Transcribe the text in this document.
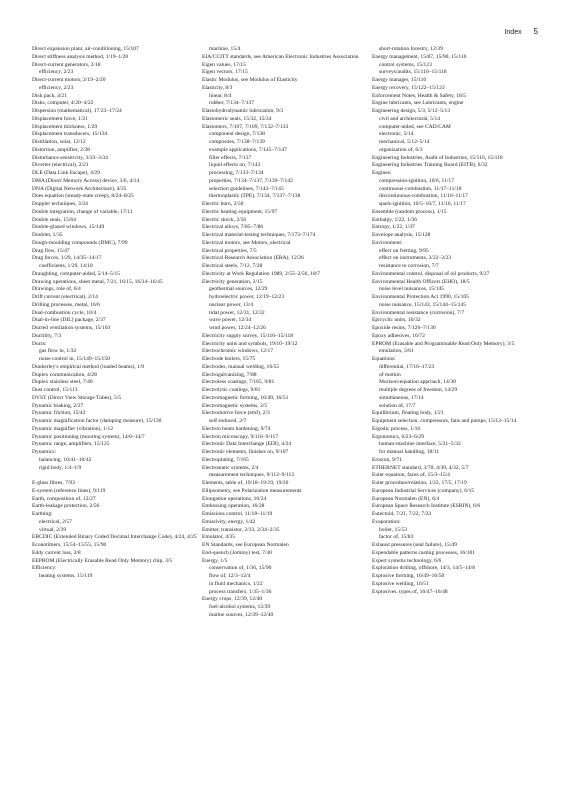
Index 5
Direct expansion plant, air-conditioning, 15/107
Direct stiffness analysis method, 1/19–1/20
Direct-current generators, 2/18
efficiency, 2/23
Direct-current motors, 2/19–2/20
efficiency, 2/23
Disk pack, 4/21
Disks, computer, 4/20–4/22
Dispersion (mathematical), 17/23–17/24
Displacement force, 1/21
Displacement thickness, 1/29
Displacement transducers, 15/134
Distillation, solar, 12/12
Distortion, amplifier, 2/38
Disturbance sensitivity, 3/33–3/34
Diverter (electrical), 2/21
DLE (Data Link Escape), 4/29
DMA (Direct Memory Access) device, 3/6, 4/14
DNA (Digital Network Architecture), 4/35
Does equation (steady-state creep), 8/24–8/25
Doppler techniques, 3/34
Double integration, change of variable, 17/11
Double seals, 15/64
Double-glazed windows, 15/149
Doublet, 1/35
Dough-moulding compounds (DMC), 7/99
Drag flow, 15/47
Drag forces, 1/29, 14/35–14/17
coefficients, 1/29, 14/18
Draughting, computer-aided, 5/14–5/15
Drawing operations, sheet metal, 7/21, 16/15, 16/34–16/45
Drawings, role of, 6/4
Drift current (electrical), 2/14
Drilling processes, metal, 16/6
Dual-combustion cycle, 10/4
Dual-in-line (DIL) package, 2/37
Ducted ventilation systems, 15/103
Ductility, 7/3
Ducts:
gas flow in, 1/32
noise control in, 15/149–15/150
Dunkerley's empirical method (loaded beams), 1/9
Duplex communication, 4/28
Duplex stainless steel, 7/40
Dust control, 15/113
DVST (Direct View Storage Tubes), 5/5
Dynamic braking, 2/27
Dynamic friction, 15/43
Dynamic magnification factor (damping measure), 15/130
Dynamic magnifier (vibration), 1/12
Dynamic positioning (mooring system), 14/6–14/7
Dynamic range, amplifiers, 15/135
Dynamics:
balancing, 10/41–10/42
rigid body, 1/4–1/9
E-glass fibres, 7/93
E-system (reference lines), 9/119
Earth, composition of, 12/27
Earth-leakage protection, 2/56
Earthing:
electrical, 2/57
virtual, 2/39
EBCDIC (Extended Binary Coded Decimal Interchange Code), 4/24, 4/25
Econotimers, 15/54–15/55, 15/90
Eddy current loss, 2/8
EEPROM (Electrically Erasable Read Only Memory) chip, 3/5
Efficiency:
heating systems, 15/119
machine, 15/4
EIA/CCITT standards, see American Electronic Industries Association
Eigen values, 17/15
Eigen vectors, 17/15
Elastic Modulus, see Modulus of Elasticity
Elasticity, 8/3
linear, 8/4
rubber, 7/134–7/137
Elastohydrodynamic lubrication, 9/3
Elastomeric seals, 15/32, 15/34
Elastomers, 7/107, 7/109, 7/132–7/133
component design, 7/138
composites, 7/138–7/139
example applications, 7/145–7/147
filler effects, 7/137
liquid effects on, 7/143
processing, 7/133–7/134
properties, 7/134–7/137, 7/139–7/143
selection guidelines, 7/143–7/145
thermoplastic (TPE), 7/134, 7/137–7/138
Electric burn, 2/56
Electric heating equipment, 15/97
Electric shock, 2/56
Electrical alloys, 7/85–7/86
Electrical material-testing techniques, 7/173–7/174
Electrical motors, see Motors, electrical
Electrical properties, 7/5
Electrical Research Association (ERA), 12/26
Electrical steels, 7/12, 7/28
Electricity at Work Regulation 1989, 2/55–2/56, 18/7
Electricity generation, 2/15
geothermal sources, 12/29
hydroelectric power, 12/19–12/23
nuclear power, 13/4
tidal power, 12/31, 12/32
wave power, 12/34
wind power, 12/24–12/26
Electricity supply survey, 15/116–15/118
Electricity units and symbols, 19/10–19/12
Electrochromic windows, 12/17
Electrode boilers, 15/75
Electrodes, manual welding, 16/55
Electrogalvanizing, 7/88
Electroless coatings, 7/165, 9/81
Electrolytic coatings, 9/81
Electromagnetic forming, 16/49, 16/51
Electromagnetic systems, 2/5
Electromotive force (emf), 2/3
self-induced, 2/7
Electron beam hardening, 9/74
Electron microscopy, 9/116–9/117
Electronic Data Interchange (EDI), 4/24
Electronic elements, finishes on, 9/107
Electroplating, 7/165
Electrostatic systems, 2/4
measurement techniques, 9/112–9/113
Elements, table of, 19/18–19/19, 19/20
Ellipsometry, see Polarization measurements
Elongation operations, 16/24
Embossing operation, 16/28
Emissions control, 11/18–11/19
Emissivity, energy, 1/42
Emitter, transistor, 2/33, 2/34–2/35
Emulator, 4/35
EN Standards, see European Normalen
End-quench (Jominy) test, 7/30
Energy, 1/5
conservation of, 1/36, 15/90
flow of, 12/3–12/4
in fluid mechanics, 1/22
process transfers, 1/35–1/36
Energy crops, 12/39, 12/40
fuel-alcohol systems, 12/39
marine sources, 12/39–12/40
short-rotation forestry, 12/39
Energy management, 15/87, 15/90, 15/116
control systems, 15/123
surveys/audits, 15/116–15/118
Energy manager, 15/116
Energy recovery, 15/122–15/123
Enforcement Notes, Health & Safety, 18/5
Engine lubricants, see Lubricants, engine
Engineering design, 5/3, 5/12–5/13
civil and architectural, 5/14
computer-aided, see CAD/CAM
electronic, 5/14
mechanical, 5/12–5/14
organization of, 6/3
Engineering Industries, Audit of Industries, 15/116, 15/118
Engineering Industries Training Board (EITB), 6/32
Engines:
compression-ignition, 10/6, 11/17
continuous-combustion, 11/17–11/18
discontinuous-combustion, 11/16–11/17
spark-ignition, 10/5–10/7, 11/16, 11/17
Ensemble (random process), 1/15
Enthalpy, 1/22, 1/36
Entropy, 1/22, 1/37
Envelope analysis, 15/128
Environment:
effect on fretting, 9/95
effect on instruments, 3/22–3/23
resistance to corrosion, 7/7
Environmental control, disposal of oil products, 9/27
Environmental Health Officers (EHO), 18/5
noise level nuisances, 15/145
Environmental Protection Act 1990, 15/105
noise nuisance, 15/143, 15/144–15/145
Environmental resistance (corrosion), 7/7
Epicyclic units, 10/32
Epoxide resins, 7/126–7/130
Epoxy adhesives, 16/72
EPROM (Erasable and Programmable Read Only Memory), 3/5
emulation, 3/61
Equations:
differential, 17/16–17/23
of motion
Morison-equation approach, 14/30
multiple degrees of freedom, 14/29
simultaneous, 17/14
solution of, 17/7
Equilibrium, floating body, 1/21
Equipment selection, compressors, fans and pumps, 15/13–15/14
Ergodic process, 1/16
Ergonomics, 6/23–6/29
human-machine interface, 5/31–5/32
for manual handling, 18/11
Erosion, 9/71
ETHERNET standard, 3/70, 4/30, 4/32, 5/7
Euler equation, faces of, 15/3–15/4
Euler procedure/relation, 1/23, 17/5, 17/19
European Industrial Services (company), 6/15
European Normalen (EN), 6/4
European Space Research Institute (ESRIN), 6/6
Eutectoid, 7/21, 7/22, 7/23
Evaporation:
boiler, 15/53
factor of, 15/83
Exhaust pressures (seal failure), 15/49
Expendable patterns casting processes, 16/101
Expert systems technology, 6/6
Exploration drilling, offshore, 14/3, 14/5–14/8
Explosive forming, 16/49–16/50
Explosive welding, 16/51
Explosives, types of, 16/47–16/48
